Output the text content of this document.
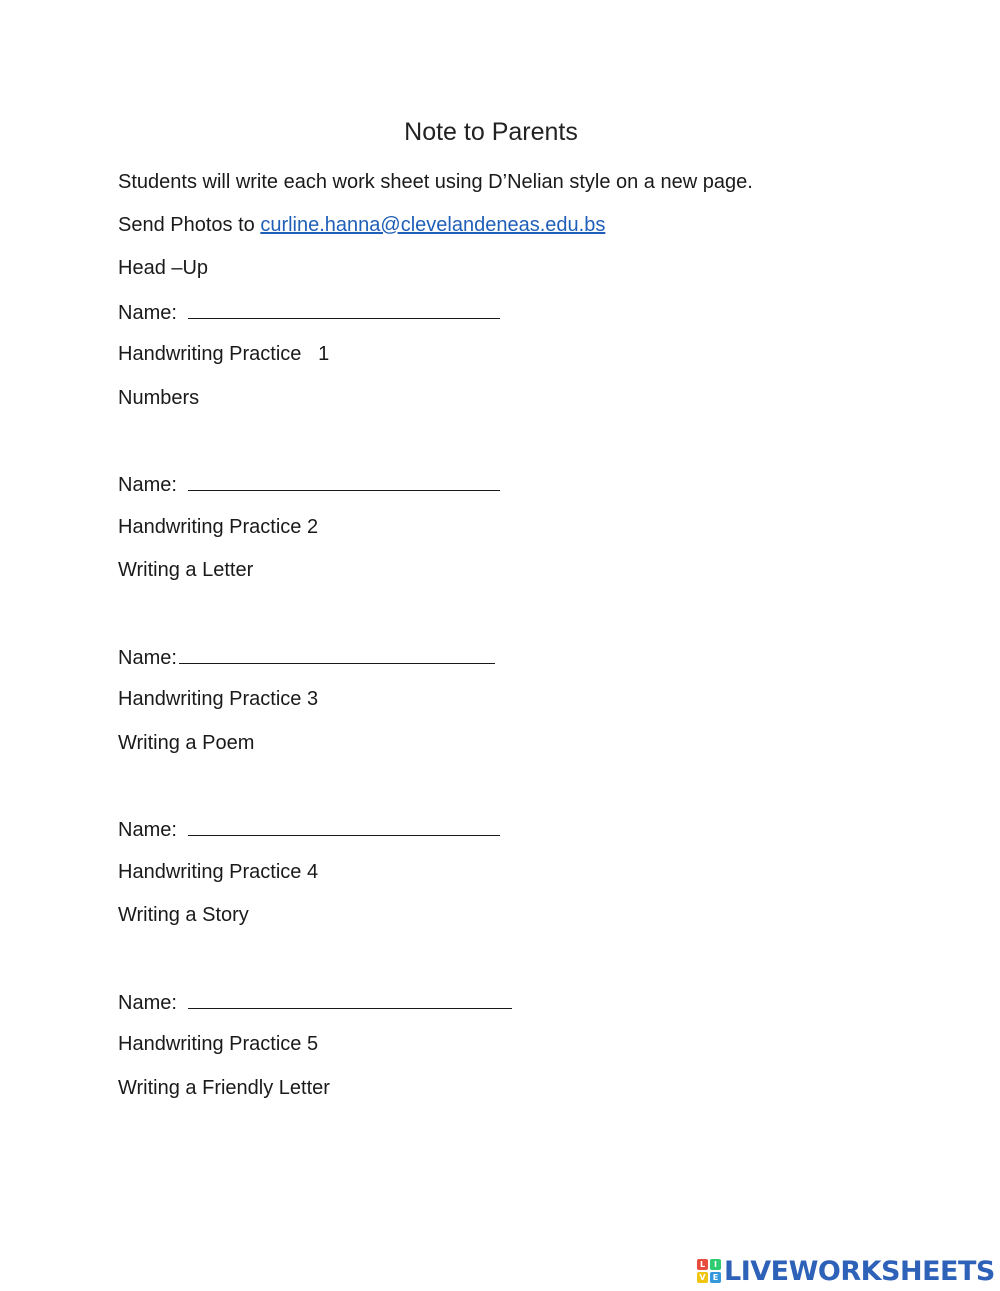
Note to Parents
Students will write each work sheet using D’Nelian style on a new page.
Send Photos to curline.hanna@clevelandeneas.edu.bs
Head –Up
Name:
Handwriting Practice   1
Numbers
Name:
Handwriting Practice 2
Writing a Letter
Name:
Handwriting Practice 3
Writing a Poem
Name:
Handwriting Practice 4
Writing a Story
Name:
Handwriting Practice 5
Writing a Friendly Letter
L	I
V E LIVEWORKSHEETS
